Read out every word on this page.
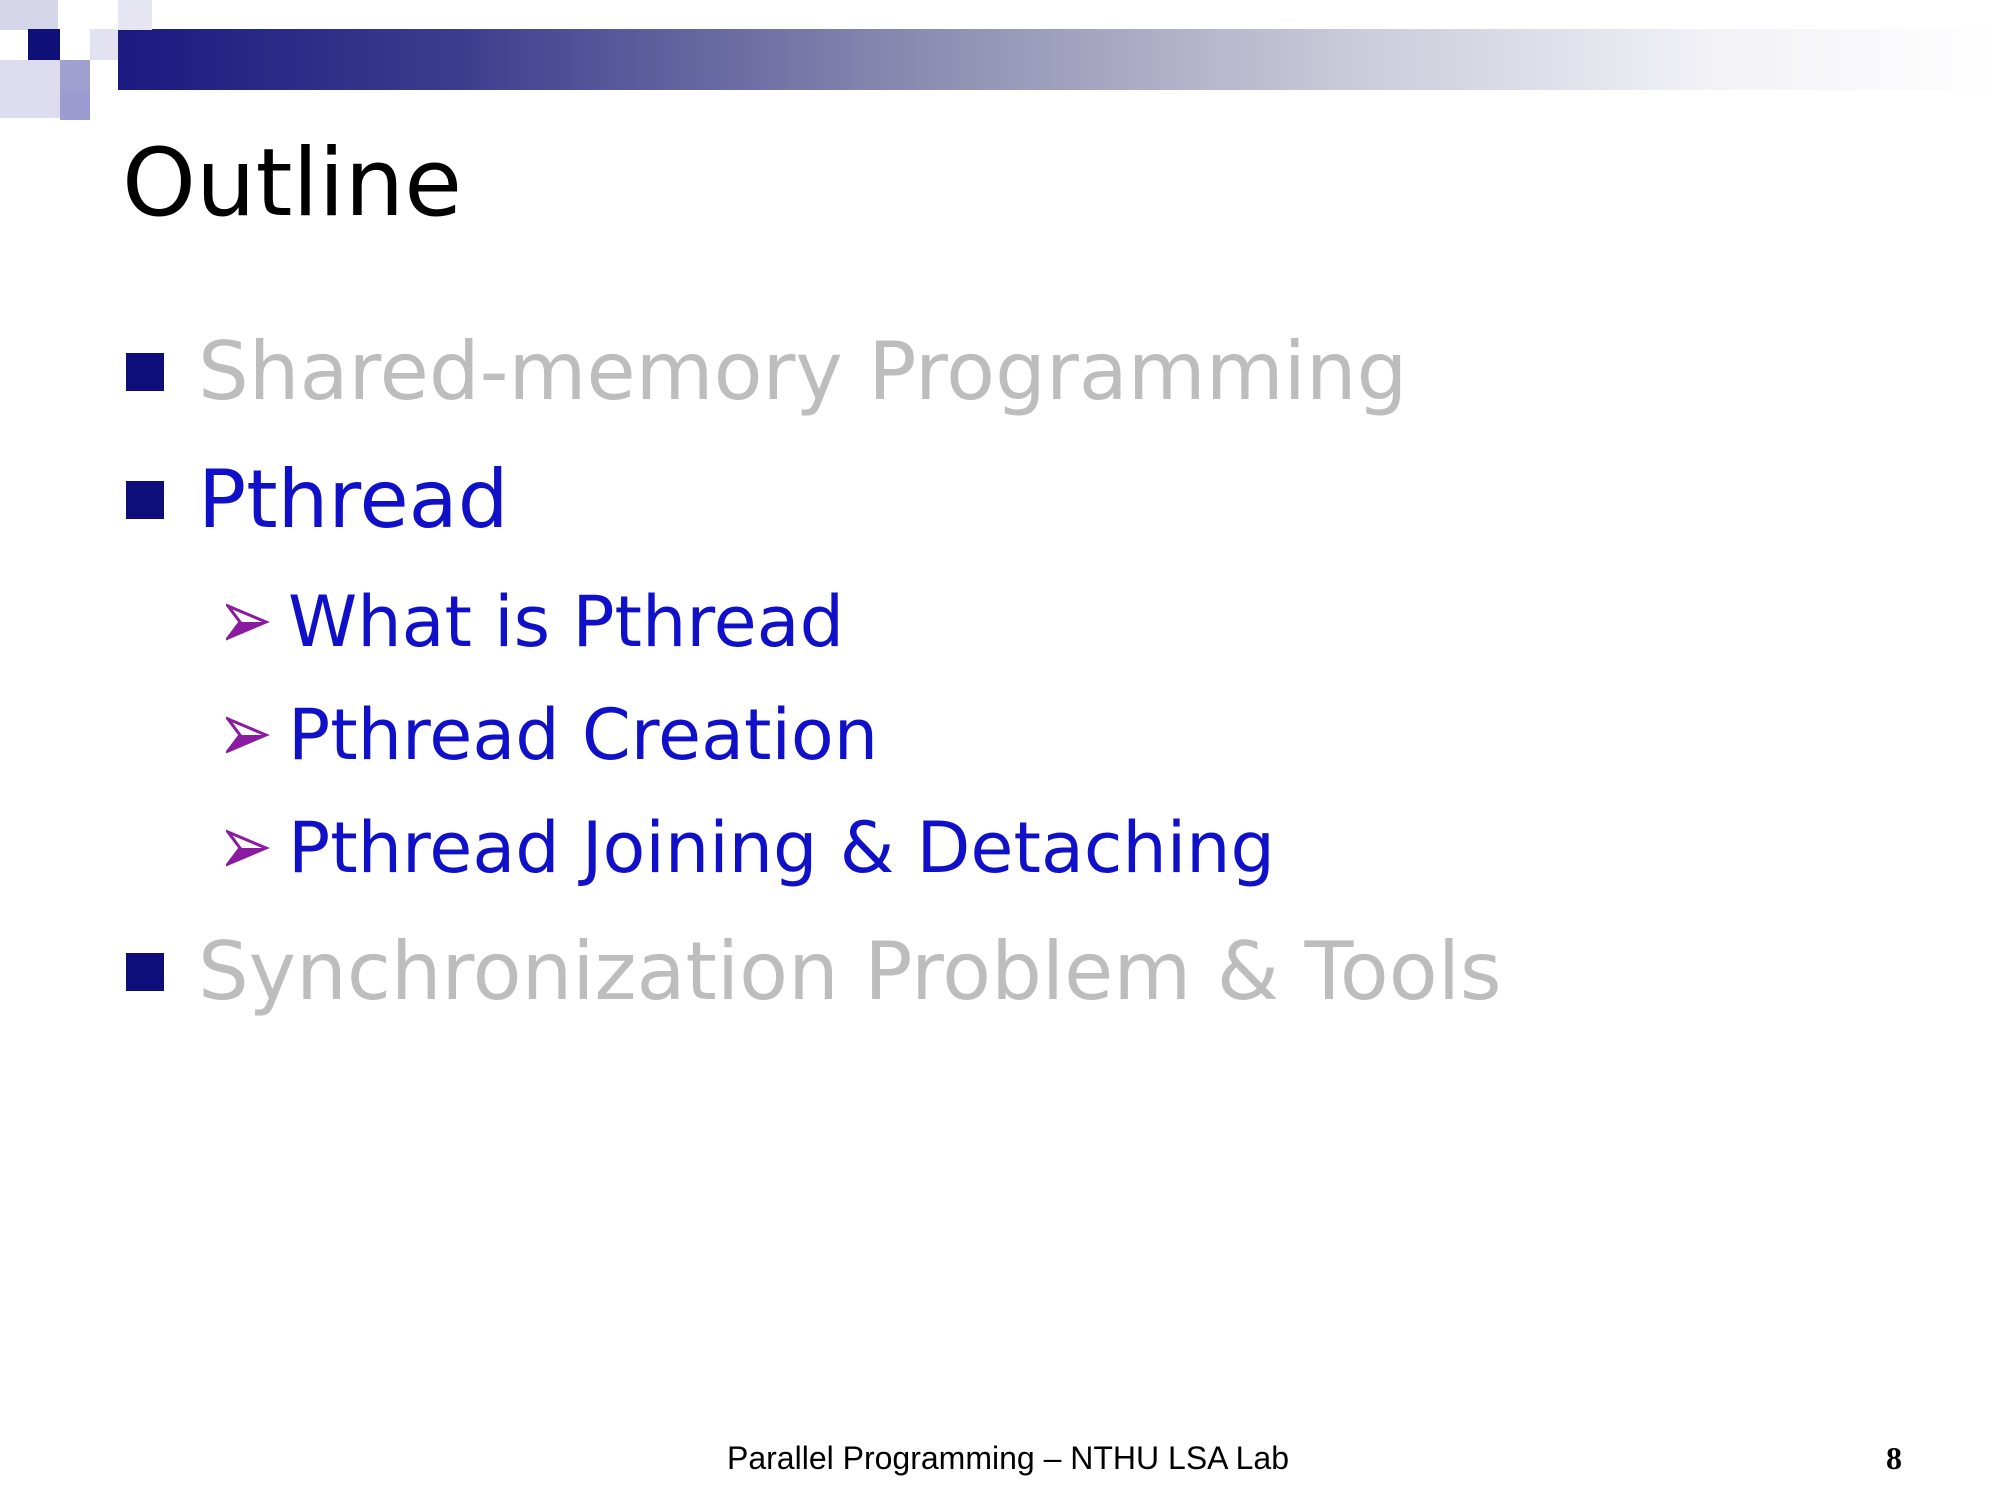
Outline
Shared-memory Programming
Pthread
What is Pthread
Pthread Creation
Pthread Joining & Detaching
Synchronization Problem & Tools
Parallel Programming – NTHU LSA Lab	8
